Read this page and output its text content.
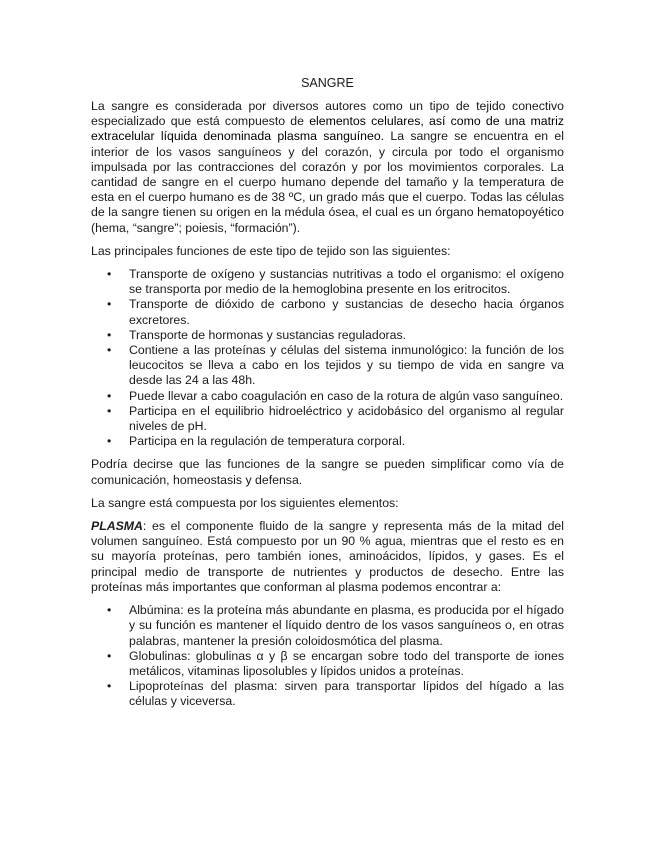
SANGRE

La sangre es considerada por diversos autores como un tipo de tejido conectivo especializado que está compuesto de elementos celulares, así como de una matriz extracelular líquida denominada plasma sanguíneo. La sangre se encuentra en el interior de los vasos sanguíneos y del corazón, y circula por todo el organismo impulsada por las contracciones del corazón y por los movimientos corporales. La cantidad de sangre en el cuerpo humano depende del tamaño y la temperatura de esta en el cuerpo humano es de 38 ºC, un grado más que el cuerpo. Todas las células de la sangre tienen su origen en la médula ósea, el cual es un órgano hematopoyético (hema, “sangre”; poiesis, “formación”).

Las principales funciones de este tipo de tejido son las siguientes:

• Transporte de oxígeno y sustancias nutritivas a todo el organismo: el oxígeno se transporta por medio de la hemoglobina presente en los eritrocitos.
• Transporte de dióxido de carbono y sustancias de desecho hacia órganos excretores.
• Transporte de hormonas y sustancias reguladoras.
• Contiene a las proteínas y células del sistema inmunológico: la función de los leucocitos se lleva a cabo en los tejidos y su tiempo de vida en sangre va desde las 24 a las 48h.
• Puede llevar a cabo coagulación en caso de la rotura de algún vaso sanguíneo.
• Participa en el equilibrio hidroeléctrico y acidobásico del organismo al regular niveles de pH.
• Participa en la regulación de temperatura corporal.

Podría decirse que las funciones de la sangre se pueden simplificar como vía de comunicación, homeostasis y defensa.

La sangre está compuesta por los siguientes elementos:

PLASMA: es el componente fluido de la sangre y representa más de la mitad del volumen sanguíneo. Está compuesto por un 90 % agua, mientras que el resto es en su mayoría proteínas, pero también iones, aminoácidos, lípidos, y gases. Es el principal medio de transporte de nutrientes y productos de desecho. Entre las proteínas más importantes que conforman al plasma podemos encontrar a:

• Albúmina: es la proteína más abundante en plasma, es producida por el hígado y su función es mantener el líquido dentro de los vasos sanguíneos o, en otras palabras, mantener la presión coloidosmótica del plasma.
• Globulinas: globulinas α y β se encargan sobre todo del transporte de iones metálicos, vitaminas liposolubles y lípidos unidos a proteínas.
• Lipoproteínas del plasma: sirven para transportar lípidos del hígado a las células y viceversa.
